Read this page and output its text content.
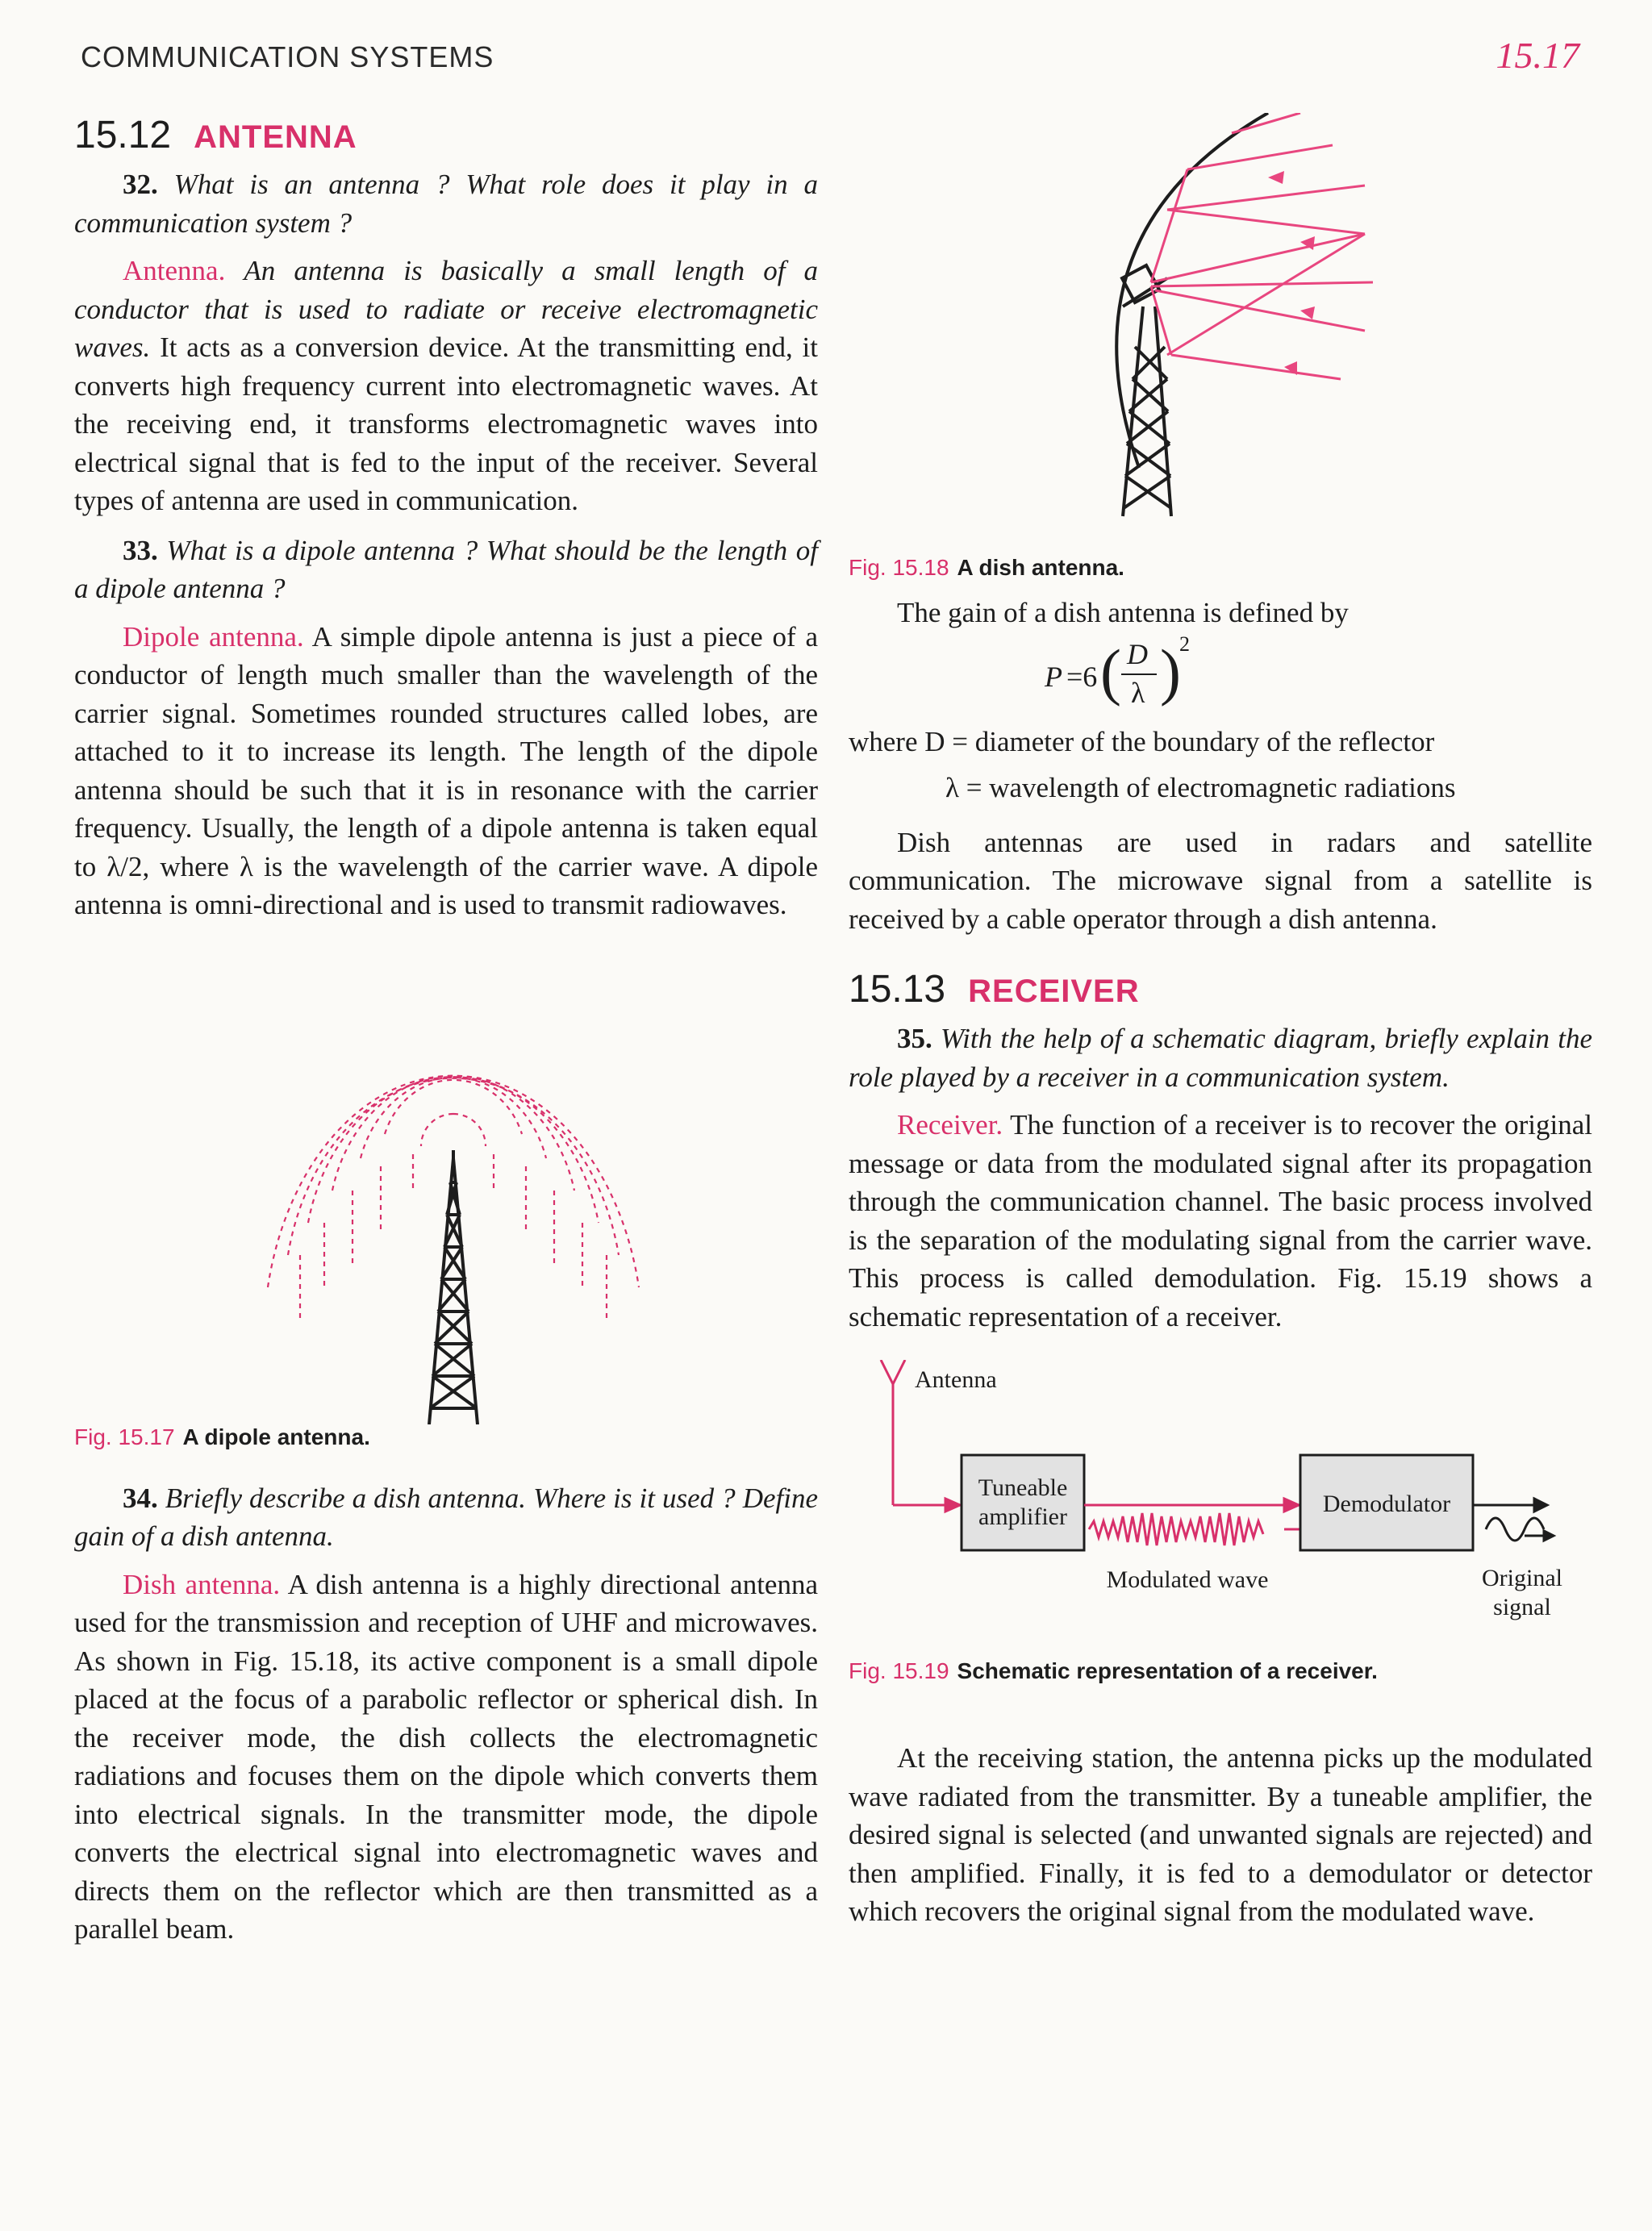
COMMUNICATION SYSTEMS	15.17
15.12 ANTENNA

32. What is an antenna ? What role does it play in a communication system ?

Antenna. An antenna is basically a small length of a conductor that is used to radiate or receive electromagnetic waves. It acts as a conversion device. At the transmitting end, it converts high frequency current into electromagnetic waves. At the receiving end, it transforms electromagnetic waves into electrical signal that is fed to the input of the receiver. Several types of antenna are used in communication.

33. What is a dipole antenna ? What should be the length of a dipole antenna ?

Dipole antenna. A simple dipole antenna is just a piece of a conductor of length much smaller than the wavelength of the carrier signal. Sometimes rounded structures called lobes, are attached to it to increase its length. The length of the dipole antenna should be such that it is in resonance with the carrier frequency. Usually, the length of a dipole antenna is taken equal to λ/2, where λ is the wavelength of the carrier wave. A dipole antenna is omni-directional and is used to transmit radiowaves.

Fig. 15.17 A dipole antenna.

34. Briefly describe a dish antenna. Where is it used ? Define gain of a dish antenna.

Dish antenna. A dish antenna is a highly directional antenna used for the transmission and reception of UHF and microwaves. As shown in Fig. 15.18, its active component is a small dipole placed at the focus of a parabolic reflector or spherical dish. In the receiver mode, the dish collects the electromagnetic radiations and focuses them on the dipole which converts them into electrical signals. In the transmitter mode, the dipole converts the electrical signal into electromagnetic waves and directs them on the reflector which are then transmitted as a parallel beam.

Fig. 15.18 A dish antenna.

The gain of a dish antenna is defined by

P =6 ( D
λ )
2

where D = diameter of the boundary of the reflector

λ = wavelength of electromagnetic radiations

Dish antennas are used in radars and satellite communication. The microwave signal from a satellite is received by a cable operator through a dish antenna.

15.13 RECEIVER

35. With the help of a schematic diagram, briefly explain the role played by a receiver in a communication system.

Receiver. The function of a receiver is to recover the original message or data from the modulated signal after its propagation through the communication channel. The basic process involved is the separation of the modulating signal from the carrier wave. This process is called demodulation. Fig. 15.19 shows a schematic representation of a receiver.

Antenna
Tuneable
amplifier
Modulated wave
Demodulator
Original
signal
Fig. 15.19 Schematic representation of a receiver.

At the receiving station, the antenna picks up the modulated wave radiated from the transmitter. By a tuneable amplifier, the desired signal is selected (and unwanted signals are rejected) and then amplified. Finally, it is fed to a demodulator or detector which recovers the original signal from the modulated wave.
